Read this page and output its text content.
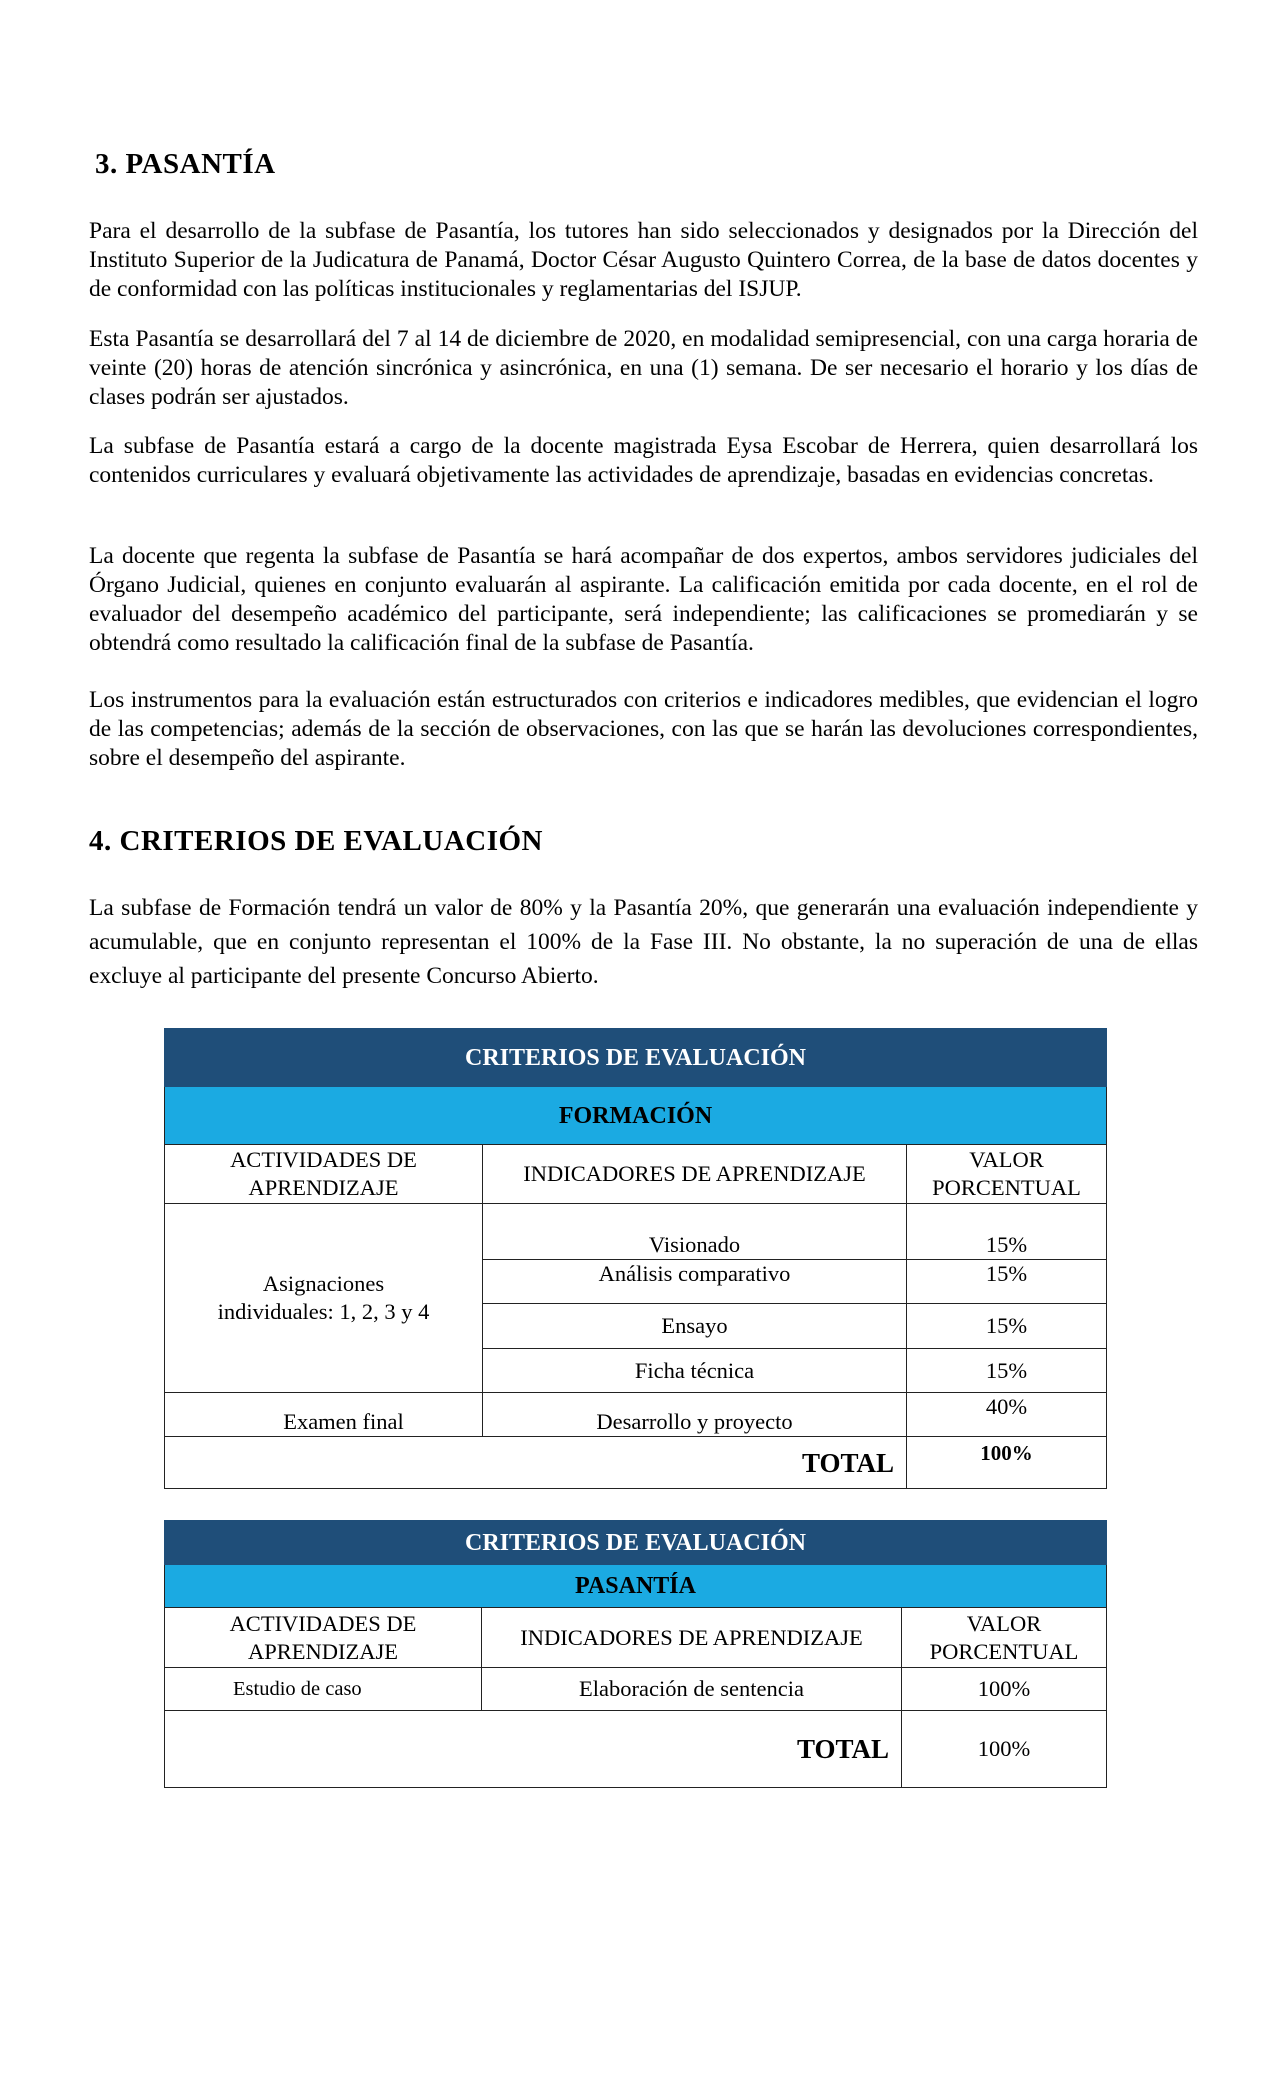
3. PASANTÍA

Para el desarrollo de la subfase de Pasantía, los tutores han sido seleccionados y designados por la Dirección del Instituto Superior de la Judicatura de Panamá, Doctor César Augusto Quintero Correa, de la base de datos docentes y de conformidad con las políticas institucionales y reglamentarias del ISJUP.

Esta Pasantía se desarrollará del 7 al 14 de diciembre de 2020, en modalidad semipresencial, con una carga horaria de veinte (20) horas de atención sincrónica y asincrónica, en una (1) semana. De ser necesario el horario y los días de clases podrán ser ajustados.

La subfase de Pasantía estará a cargo de la docente magistrada Eysa Escobar de Herrera, quien desarrollará los contenidos curriculares y evaluará objetivamente las actividades de aprendizaje, basadas en evidencias concretas.

La docente que regenta la subfase de Pasantía se hará acompañar de dos expertos, ambos servidores judiciales del Órgano Judicial, quienes en conjunto evaluarán al aspirante. La calificación emitida por cada docente, en el rol de evaluador del desempeño académico del participante, será independiente; las calificaciones se promediarán y se obtendrá como resultado la calificación final de la subfase de Pasantía.

Los instrumentos para la evaluación están estructurados con criterios e indicadores medibles, que evidencian el logro de las competencias; además de la sección de observaciones, con las que se harán las devoluciones correspondientes, sobre el desempeño del aspirante.

4. CRITERIOS DE EVALUACIÓN

La subfase de Formación tendrá un valor de 80% y la Pasantía 20%, que generarán una evaluación independiente y acumulable, que en conjunto representan el 100% de la Fase III. No obstante, la no superación de una de ellas excluye al participante del presente Concurso Abierto.

CRITERIOS DE EVALUACIÓN		
FORMACIÓN		
ACTIVIDADES DE APRENDIZAJE	INDICADORES DE APRENDIZAJE	VALOR PORCENTUAL
Asignaciones individuales: 1, 2, 3 y 4	Visionado	15%
	Análisis comparativo	15%
	Ensayo	15%
	Ficha técnica	15%
Examen final	Desarrollo y proyecto	40%
TOTAL		100%
CRITERIOS DE EVALUACIÓN		
PASANTÍA		
ACTIVIDADES DE APRENDIZAJE	INDICADORES DE APRENDIZAJE	VALOR PORCENTUAL
Estudio de caso	Elaboración de sentencia	100%
TOTAL		100%
